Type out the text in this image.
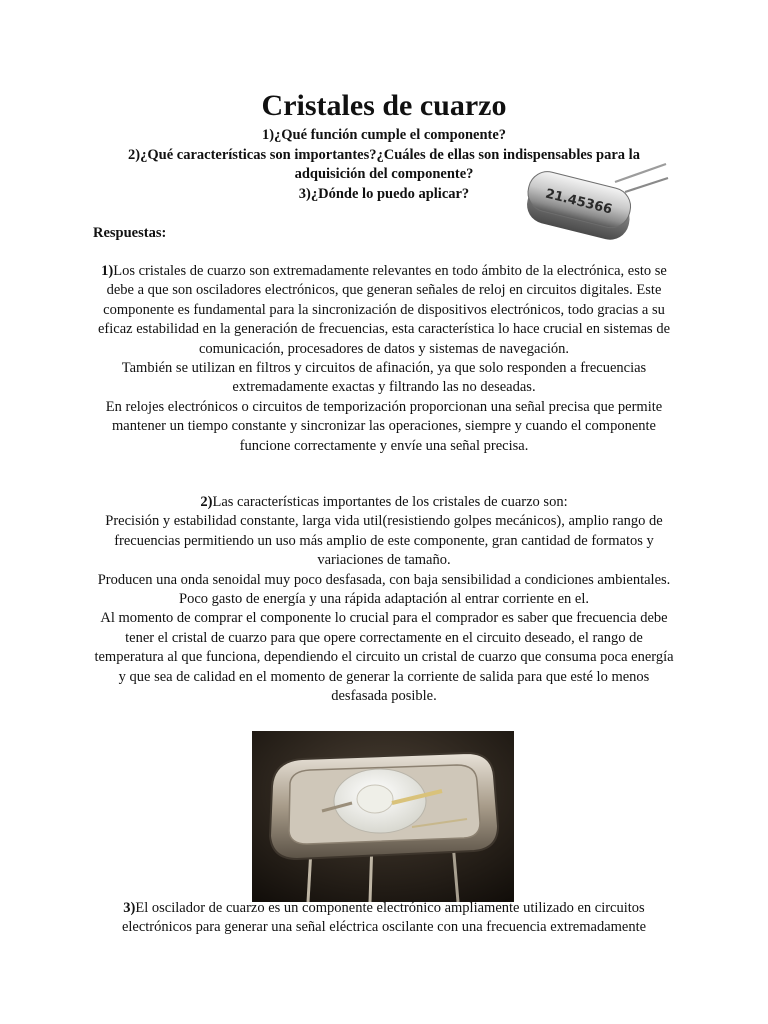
Cristales de cuarzo
1)¿Qué función cumple el componente?
2)¿Qué características son importantes?¿Cuáles de ellas son indispensables para la
adquisición del componente?
3)¿Dónde lo puedo aplicar?	21.45366
Respuestas:

1)Los cristales de cuarzo son extremadamente relevantes en todo ámbito de la electrónica, esto se debe a que son osciladores electrónicos, que generan señales de reloj en circuitos digitales. Este componente es fundamental para la sincronización de dispositivos electrónicos, todo gracias a su eficaz estabilidad en la generación de frecuencias, esta característica lo hace crucial en sistemas de comunicación, procesadores de datos y sistemas de navegación.

También se utilizan en filtros y circuitos de afinación, ya que solo responden a frecuencias extremadamente exactas y filtrando las no deseadas.

En relojes electrónicos o circuitos de temporización proporcionan una señal precisa que permite mantener un tiempo constante y sincronizar las operaciones, siempre y cuando el componente funcione correctamente y envíe una señal precisa.

2)Las características importantes de los cristales de cuarzo son:

Precisión y estabilidad constante, larga vida util(resistiendo golpes mecánicos), amplio rango de frecuencias permitiendo un uso más amplio de este componente, gran cantidad de formatos y variaciones de tamaño.

Producen una onda senoidal muy poco desfasada, con baja sensibilidad a condiciones ambientales.

Poco gasto de energía y una rápida adaptación al entrar corriente en el.

Al momento de comprar el componente lo crucial para el comprador es saber que frecuencia debe tener el cristal de cuarzo para que opere correctamente en el circuito deseado, el rango de temperatura al que funciona, dependiendo el circuito un cristal de cuarzo que consuma poca energía y que sea de calidad en el momento de generar la corriente de salida para que esté lo menos desfasada posible.

3)El oscilador de cuarzo es un componente electrónico ampliamente utilizado en circuitos electrónicos para generar una señal eléctrica oscilante con una frecuencia extremadamente
